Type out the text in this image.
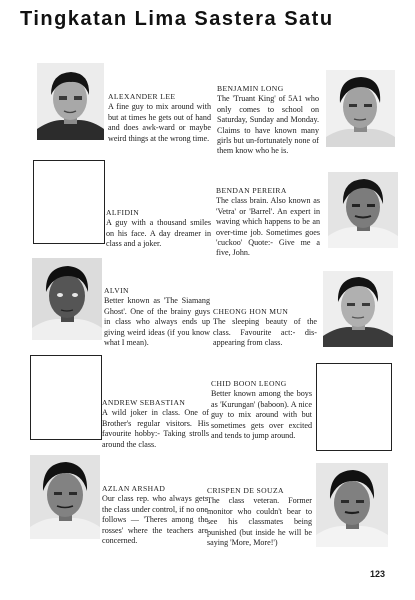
Tingkatan Lima Sastera Satu
ALEXANDER LEE
A fine guy to mix around with but at times he gets out of hand and does awk-ward or maybe weird things at the wrong time.
BENJAMIN LONG
The 'Truant King' of 5A1 who only comes to school on Saturday, Sunday and Monday. Claims to have known many girls but un-fortunately none of them know who he is.
ALFIDIN
A guy with a thousand smiles on his face. A day dreamer in class and a joker.
BENDAN PEREIRA
The class brain. Also known as 'Vetra' or 'Barrel'. An expert in waving which happens to be an over-time job. Sometimes goes 'cuckoo' Quote:- Give me a five, John.
ALVIN
Better known as 'The Siamang Ghost'. One of the brainy guys in class who always ends up giving weird ideas (if you know what I mean).
CHEONG HON MUN
The sleeping beauty of the class. Favourite act:- dis-appearing from class.
ANDREW SEBASTIAN
A wild joker in class. One of Brother's regular visitors. His favourite hobby:- Taking strolls around the class.
CHID BOON LEONG
Better known among the boys as 'Kurungan' (baboon). A nice guy to mix around with but sometimes gets over excited and tends to jump around.
AZLAN ARSHAD
Our class rep. who always gets the class under control, if no one follows — 'Theres among the rosses' where the teachers are concerned.
CRISPEN DE SOUZA
The class veteran. Former monitor who couldn't bear to see his classmates being punished (but inside he will be saying 'More, More!')
123
